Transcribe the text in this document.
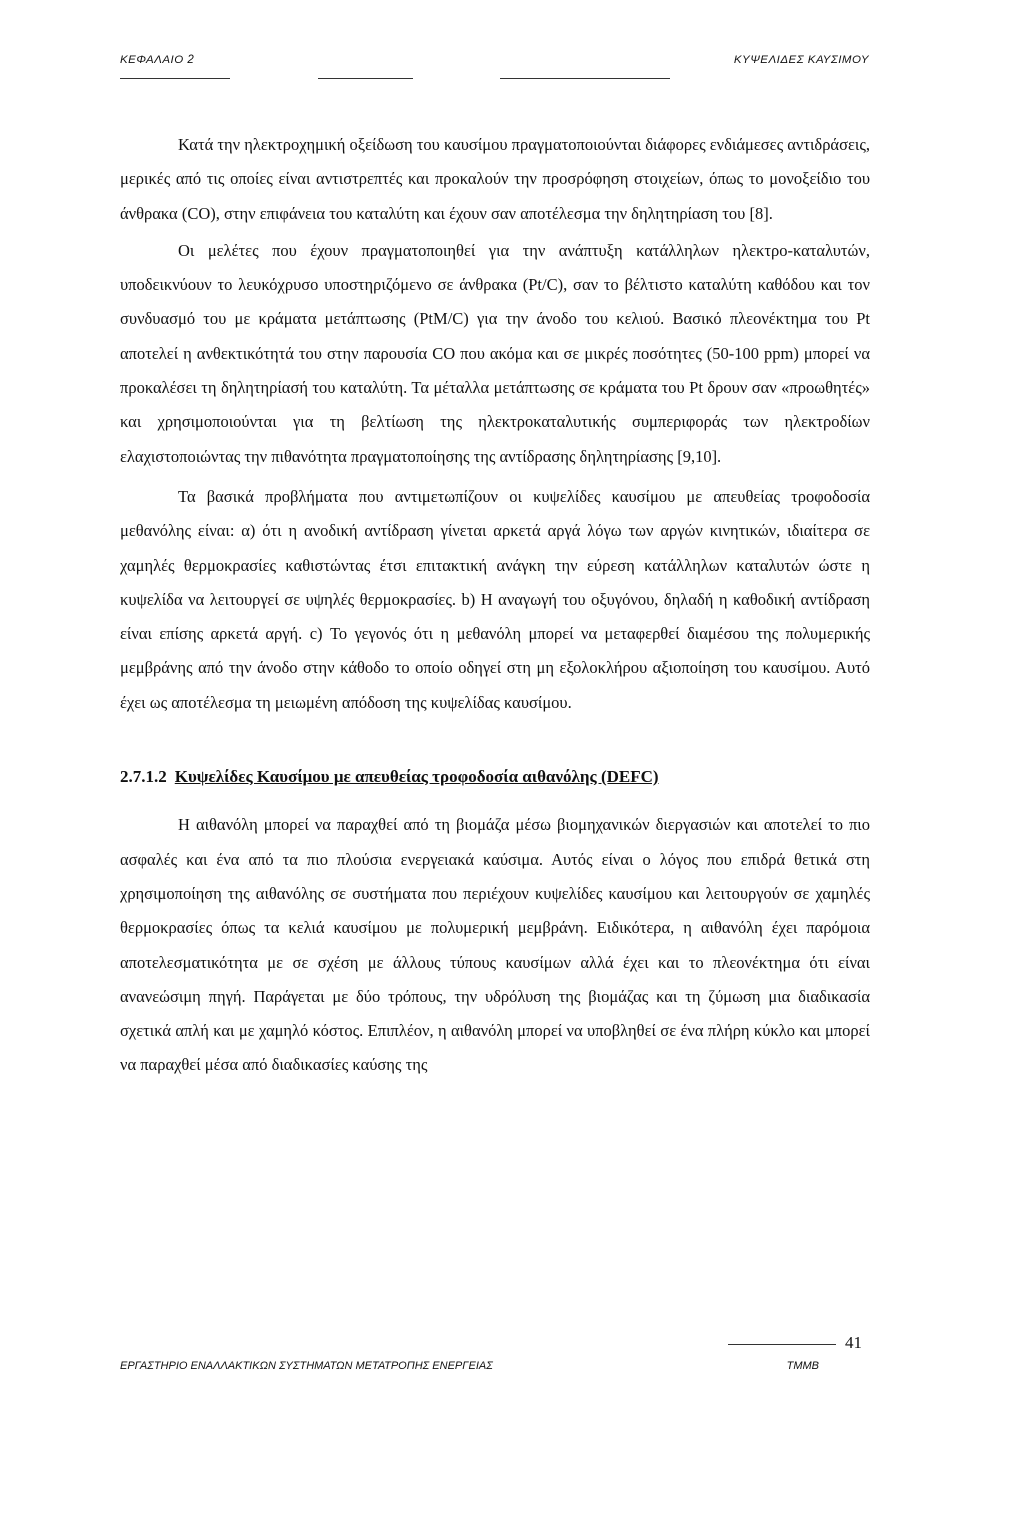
ΚΕΦΑΛΑΙΟ 2	ΚΥΨΕΛΙΔΕΣ ΚΑΥΣΙΜΟΥ

Κατά την ηλεκτροχημική οξείδωση του καυσίμου πραγματοποιούνται διάφορες ενδιάμεσες αντιδράσεις, μερικές από τις οποίες είναι αντιστρεπτές και προκαλούν την προσρόφηση στοιχείων, όπως το μονοξείδιο του άνθρακα (CO), στην επιφάνεια του καταλύτη και έχουν σαν αποτέλεσμα την δηλητηρίαση του [8].

Οι μελέτες που έχουν πραγματοποιηθεί για την ανάπτυξη κατάλληλων ηλεκτρο-καταλυτών, υποδεικνύουν το λευκόχρυσο υποστηριζόμενο σε άνθρακα (Pt/C), σαν το βέλτιστο καταλύτη καθόδου και τον συνδυασμό του με κράματα μετάπτωσης (PtM/C) για την άνοδο του κελιού. Βασικό πλεονέκτημα του Pt αποτελεί η ανθεκτικότητά του στην παρουσία CO που ακόμα και σε μικρές ποσότητες (50-100 ppm) μπορεί να προκαλέσει τη δηλητηρίασή του καταλύτη. Τα μέταλλα μετάπτωσης σε κράματα του Pt δρουν σαν «προωθητές» και χρησιμοποιούνται για τη βελτίωση της ηλεκτροκαταλυτικής συμπεριφοράς των ηλεκτροδίων ελαχιστοποιώντας την πιθανότητα πραγματοποίησης της αντίδρασης δηλητηρίασης [9,10].

Τα βασικά προβλήματα που αντιμετωπίζουν οι κυψελίδες καυσίμου με απευθείας τροφοδοσία μεθανόλης είναι: α) ότι η ανοδική αντίδραση γίνεται αρκετά αργά λόγω των αργών κινητικών, ιδιαίτερα σε χαμηλές θερμοκρασίες καθιστώντας έτσι επιτακτική ανάγκη την εύρεση κατάλληλων καταλυτών ώστε η κυψελίδα να λειτουργεί σε υψηλές θερμοκρασίες. b) Η αναγωγή του οξυγόνου, δηλαδή η καθοδική αντίδραση είναι επίσης αρκετά αργή. c) Το γεγονός ότι η μεθανόλη μπορεί να μεταφερθεί διαμέσου της πολυμερικής μεμβράνης από την άνοδο στην κάθοδο το οποίο οδηγεί στη μη εξολοκλήρου αξιοποίηση του καυσίμου. Αυτό έχει ως αποτέλεσμα τη μειωμένη απόδοση της κυψελίδας καυσίμου.

2.7.1.2 Κυψελίδες Καυσίμου με απευθείας τροφοδοσία αιθανόλης (DEFC)

Η αιθανόλη μπορεί να παραχθεί από τη βιομάζα μέσω βιομηχανικών διεργασιών και αποτελεί το πιο ασφαλές και ένα από τα πιο πλούσια ενεργειακά καύσιμα. Αυτός είναι ο λόγος που επιδρά θετικά στη χρησιμοποίηση της αιθανόλης σε συστήματα που περιέχουν κυψελίδες καυσίμου και λειτουργούν σε χαμηλές θερμοκρασίες όπως τα κελιά καυσίμου με πολυμερική μεμβράνη. Ειδικότερα, η αιθανόλη έχει παρόμοια αποτελεσματικότητα με σε σχέση με άλλους τύπους καυσίμων αλλά έχει και το πλεονέκτημα ότι είναι ανανεώσιμη πηγή. Παράγεται με δύο τρόπους, την υδρόλυση της βιομάζας και τη ζύμωση μια διαδικασία σχετικά απλή και με χαμηλό κόστος. Επιπλέον, η αιθανόλη μπορεί να υποβληθεί σε ένα πλήρη κύκλο και μπορεί να παραχθεί μέσα από διαδικασίες καύσης της

41
ΕΡΓΑΣΤΗΡΙΟ ΕΝΑΛΛΑΚΤΙΚΩΝ ΣΥΣΤΗΜΑΤΩΝ ΜΕΤΑΤΡΟΠΗΣ ΕΝΕΡΓΕΙΑΣ	ΤΜΜΒ
